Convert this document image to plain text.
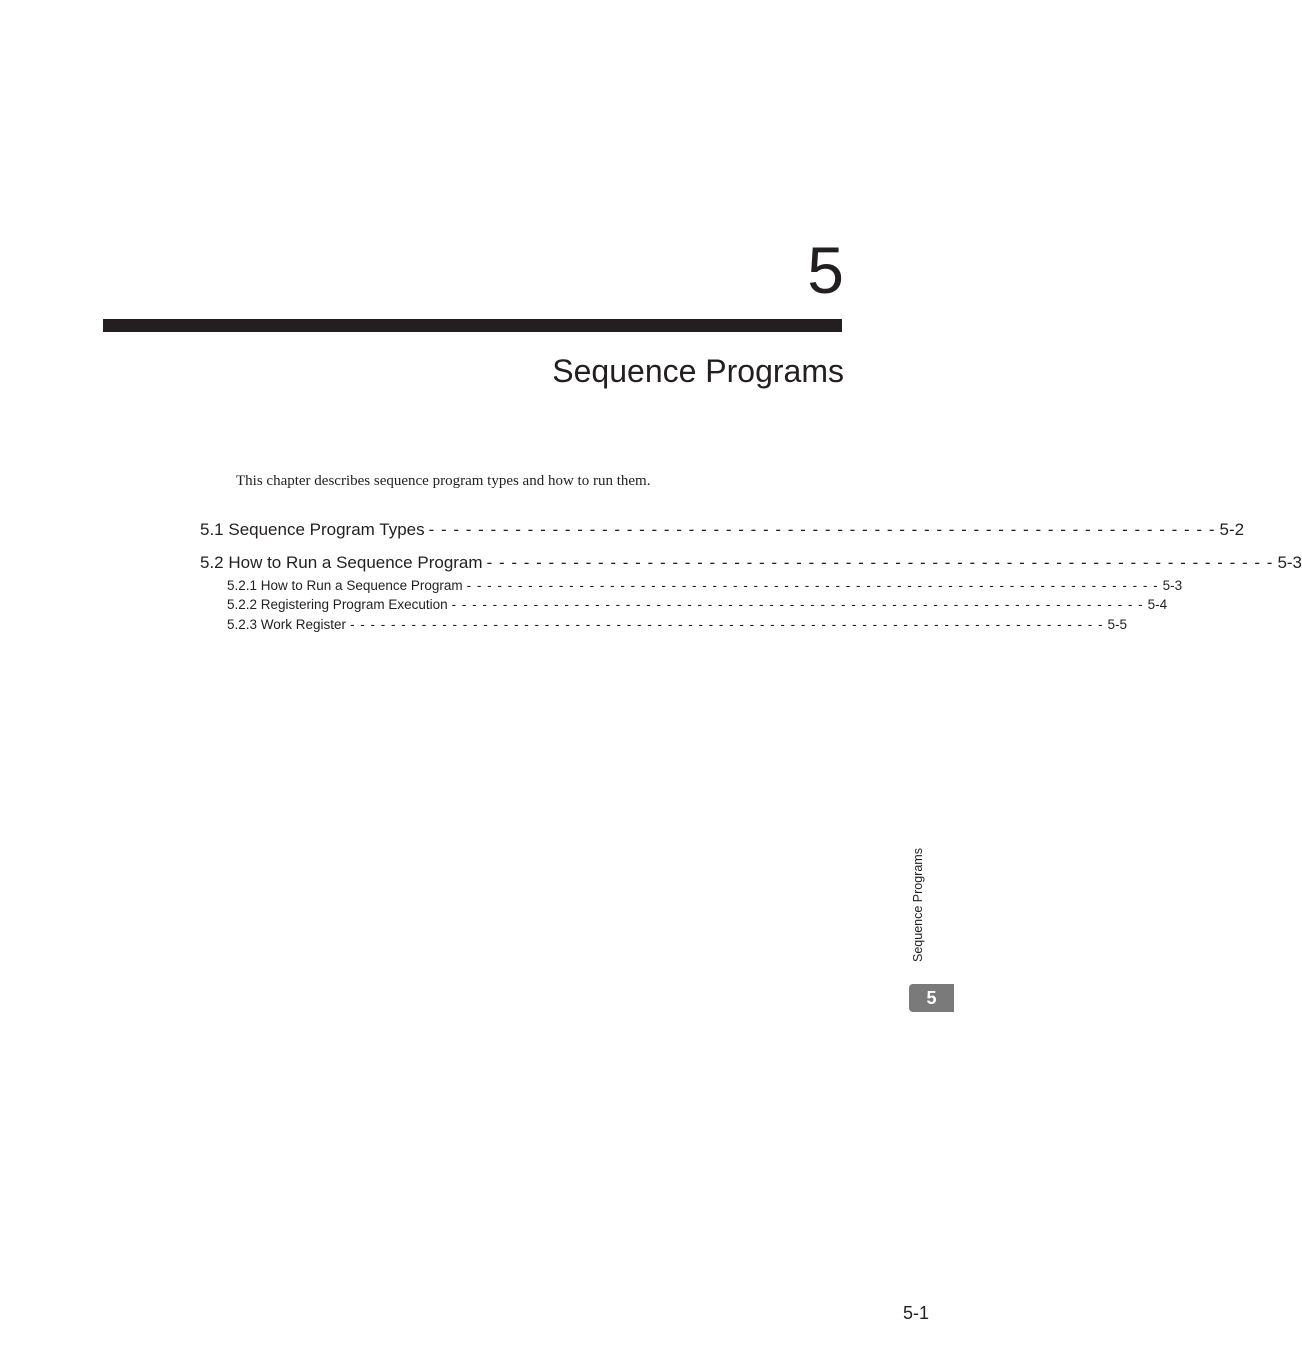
5
Sequence Programs
This chapter describes sequence program types and how to run them.
5.1 Sequence Program Types - - - - - - - - - - - - - - - - - - - - - - - - - - - - - - - - - - - - - - - - - - - - - - - - - - - - - - - - - - - - - - - - 5-2
5.2 How to Run a Sequence Program - - - - - - - - - - - - - - - - - - - - - - - - - - - - - - - - - - - - - - - - - - - - - - - - - - - - - - - - - - - - - - - - 5-3
5.2.1 How to Run a Sequence Program - - - - - - - - - - - - - - - - - - - - - - - - - - - - - - - - - - - - - - - - - - - - - - - - - - - - - - - - - - - - - - - - - - - - 5-3
5.2.2 Registering Program Execution - - - - - - - - - - - - - - - - - - - - - - - - - - - - - - - - - - - - - - - - - - - - - - - - - - - - - - - - - - - - - - - - - - - - 5-4
5.2.3 Work Register - - - - - - - - - - - - - - - - - - - - - - - - - - - - - - - - - - - - - - - - - - - - - - - - - - - - - - - - - - - - - - - - - - - - - - - - - - 5-5
Sequence Programs
5
5-1
